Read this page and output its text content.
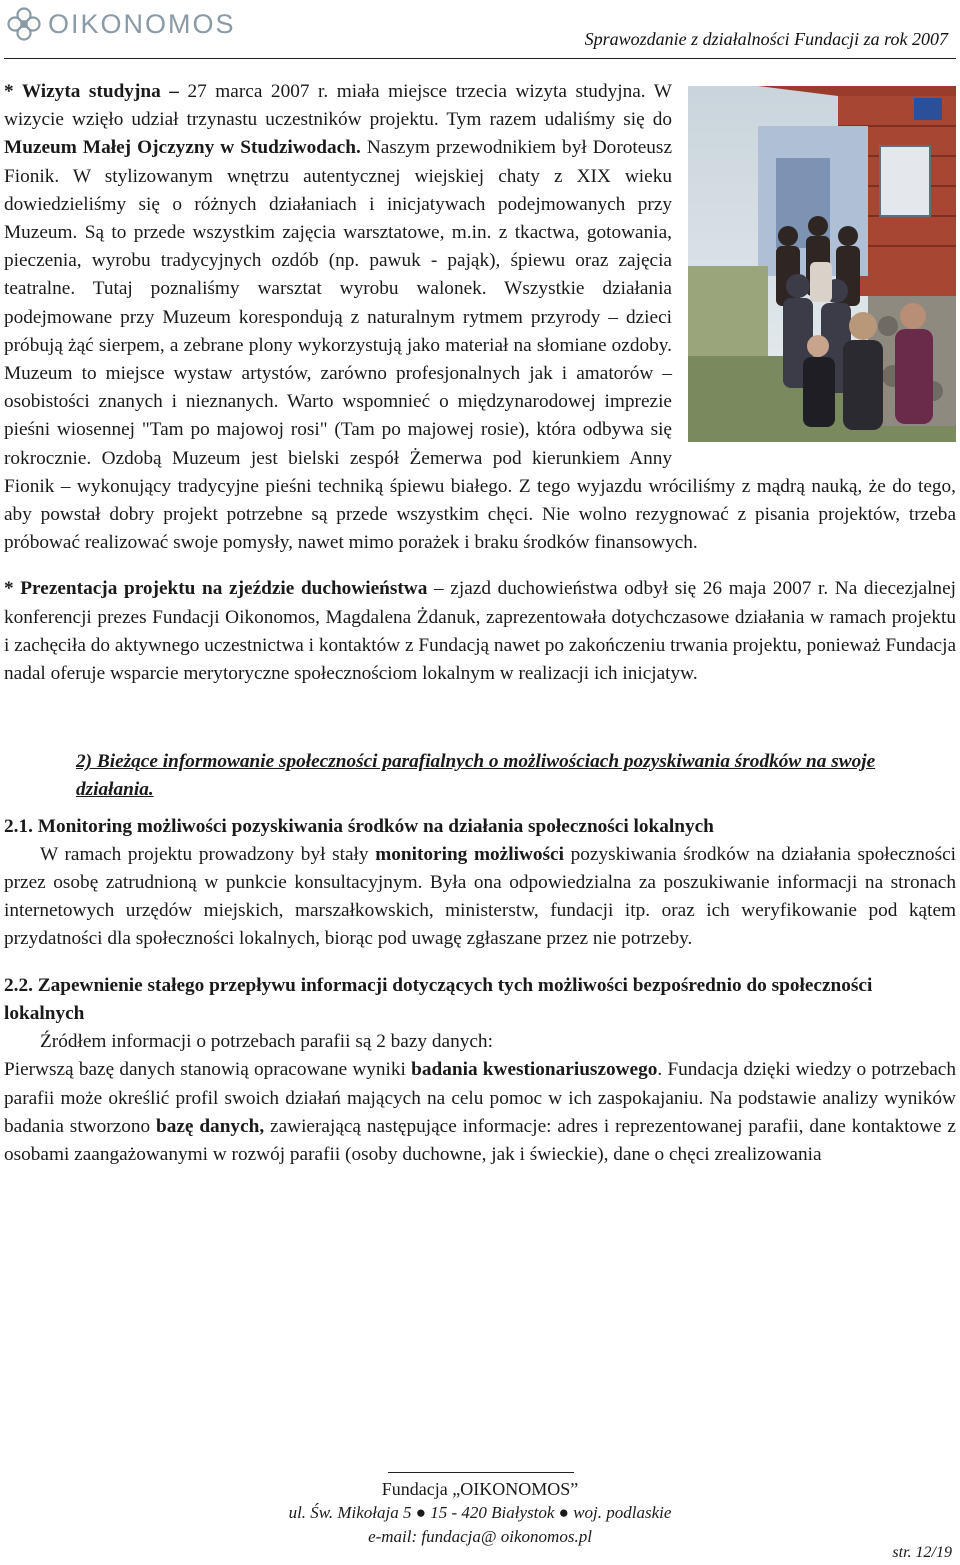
OIKONOMOS	Sprawozdanie z działalności Fundacji za rok 2007

* Wizyta studyjna – 27 marca 2007 r. miała miejsce trzecia wizyta studyjna. W wizycie wzięło udział trzynastu uczestników projektu. Tym razem udaliśmy się do Muzeum Małej Ojczyzny w Studziwodach. Naszym przewodnikiem był Doroteusz Fionik. W stylizowanym wnętrzu autentycznej wiejskiej chaty z XIX wieku dowiedzieliśmy się o różnych działaniach i inicjatywach podejmowanych przy Muzeum. Są to przede wszystkim zajęcia warsztatowe, m.in. z tkactwa, gotowania, pieczenia, wyrobu tradycyjnych ozdób (np. pawuk - pająk), śpiewu oraz zajęcia teatralne. Tutaj poznaliśmy warsztat wyrobu walonek. Wszystkie działania podejmowane przy Muzeum korespondują z naturalnym rytmem przyrody – dzieci próbują żąć sierpem, a zebrane plony wykorzystują jako materiał na słomiane ozdoby. Muzeum to miejsce wystaw artystów, zarówno profesjonalnych jak i amatorów – osobistości znanych i nieznanych. Warto wspomnieć o międzynarodowej imprezie pieśni wiosennej "Tam po majowoj rosi" (Tam po majowej rosie), która odbywa się rokrocznie. Ozdobą Muzeum jest bielski zespół Żemerwa pod kierunkiem Anny Fionik – wykonujący tradycyjne pieśni techniką śpiewu białego. Z tego wyjazdu wróciliśmy z mądrą nauką, że do tego, aby powstał dobry projekt potrzebne są przede wszystkim chęci. Nie wolno rezygnować z pisania projektów, trzeba próbować realizować swoje pomysły, nawet mimo porażek i braku środków finansowych.

* Prezentacja projektu na zjeździe duchowieństwa – zjazd duchowieństwa odbył się 26 maja 2007 r. Na diecezjalnej konferencji prezes Fundacji Oikonomos, Magdalena Żdanuk, zaprezentowała dotychczasowe działania w ramach projektu i zachęciła do aktywnego uczestnictwa i kontaktów z Fundacją nawet po zakończeniu trwania projektu, ponieważ Fundacja nadal oferuje wsparcie merytoryczne społecznościom lokalnym w realizacji ich inicjatyw.

2) Bieżące informowanie społeczności parafialnych o możliwościach pozyskiwania środków na swoje działania.

2.1. Monitoring możliwości pozyskiwania środków na działania społeczności lokalnych

W ramach projektu prowadzony był stały monitoring możliwości pozyskiwania środków na działania społeczności przez osobę zatrudnioną w punkcie konsultacyjnym. Była ona odpowiedzialna za poszukiwanie informacji na stronach internetowych urzędów miejskich, marszałkowskich, ministerstw, fundacji itp. oraz ich weryfikowanie pod kątem przydatności dla społeczności lokalnych, biorąc pod uwagę zgłaszane przez nie potrzeby.

2.2. Zapewnienie stałego przepływu informacji dotyczących tych możliwości bezpośrednio do społeczności lokalnych

Źródłem informacji o potrzebach parafii są 2 bazy danych:

Pierwszą bazę danych stanowią opracowane wyniki badania kwestionariuszowego. Fundacja dzięki wiedzy o potrzebach parafii może określić profil swoich działań mających na celu pomoc w ich zaspokajaniu. Na podstawie analizy wyników badania stworzono bazę danych, zawierającą następujące informacje: adres i reprezentowanej parafii, dane kontaktowe z osobami zaangażowanymi w rozwój parafii (osoby duchowne, jak i świeckie), dane o chęci zrealizowania

Fundacja „OIKONOMOS”
ul. Św. Mikołaja 5 ● 15 - 420 Białystok ● woj. podlaskie
e-mail: fundacja@ oikonomos.pl
str. 12/19
